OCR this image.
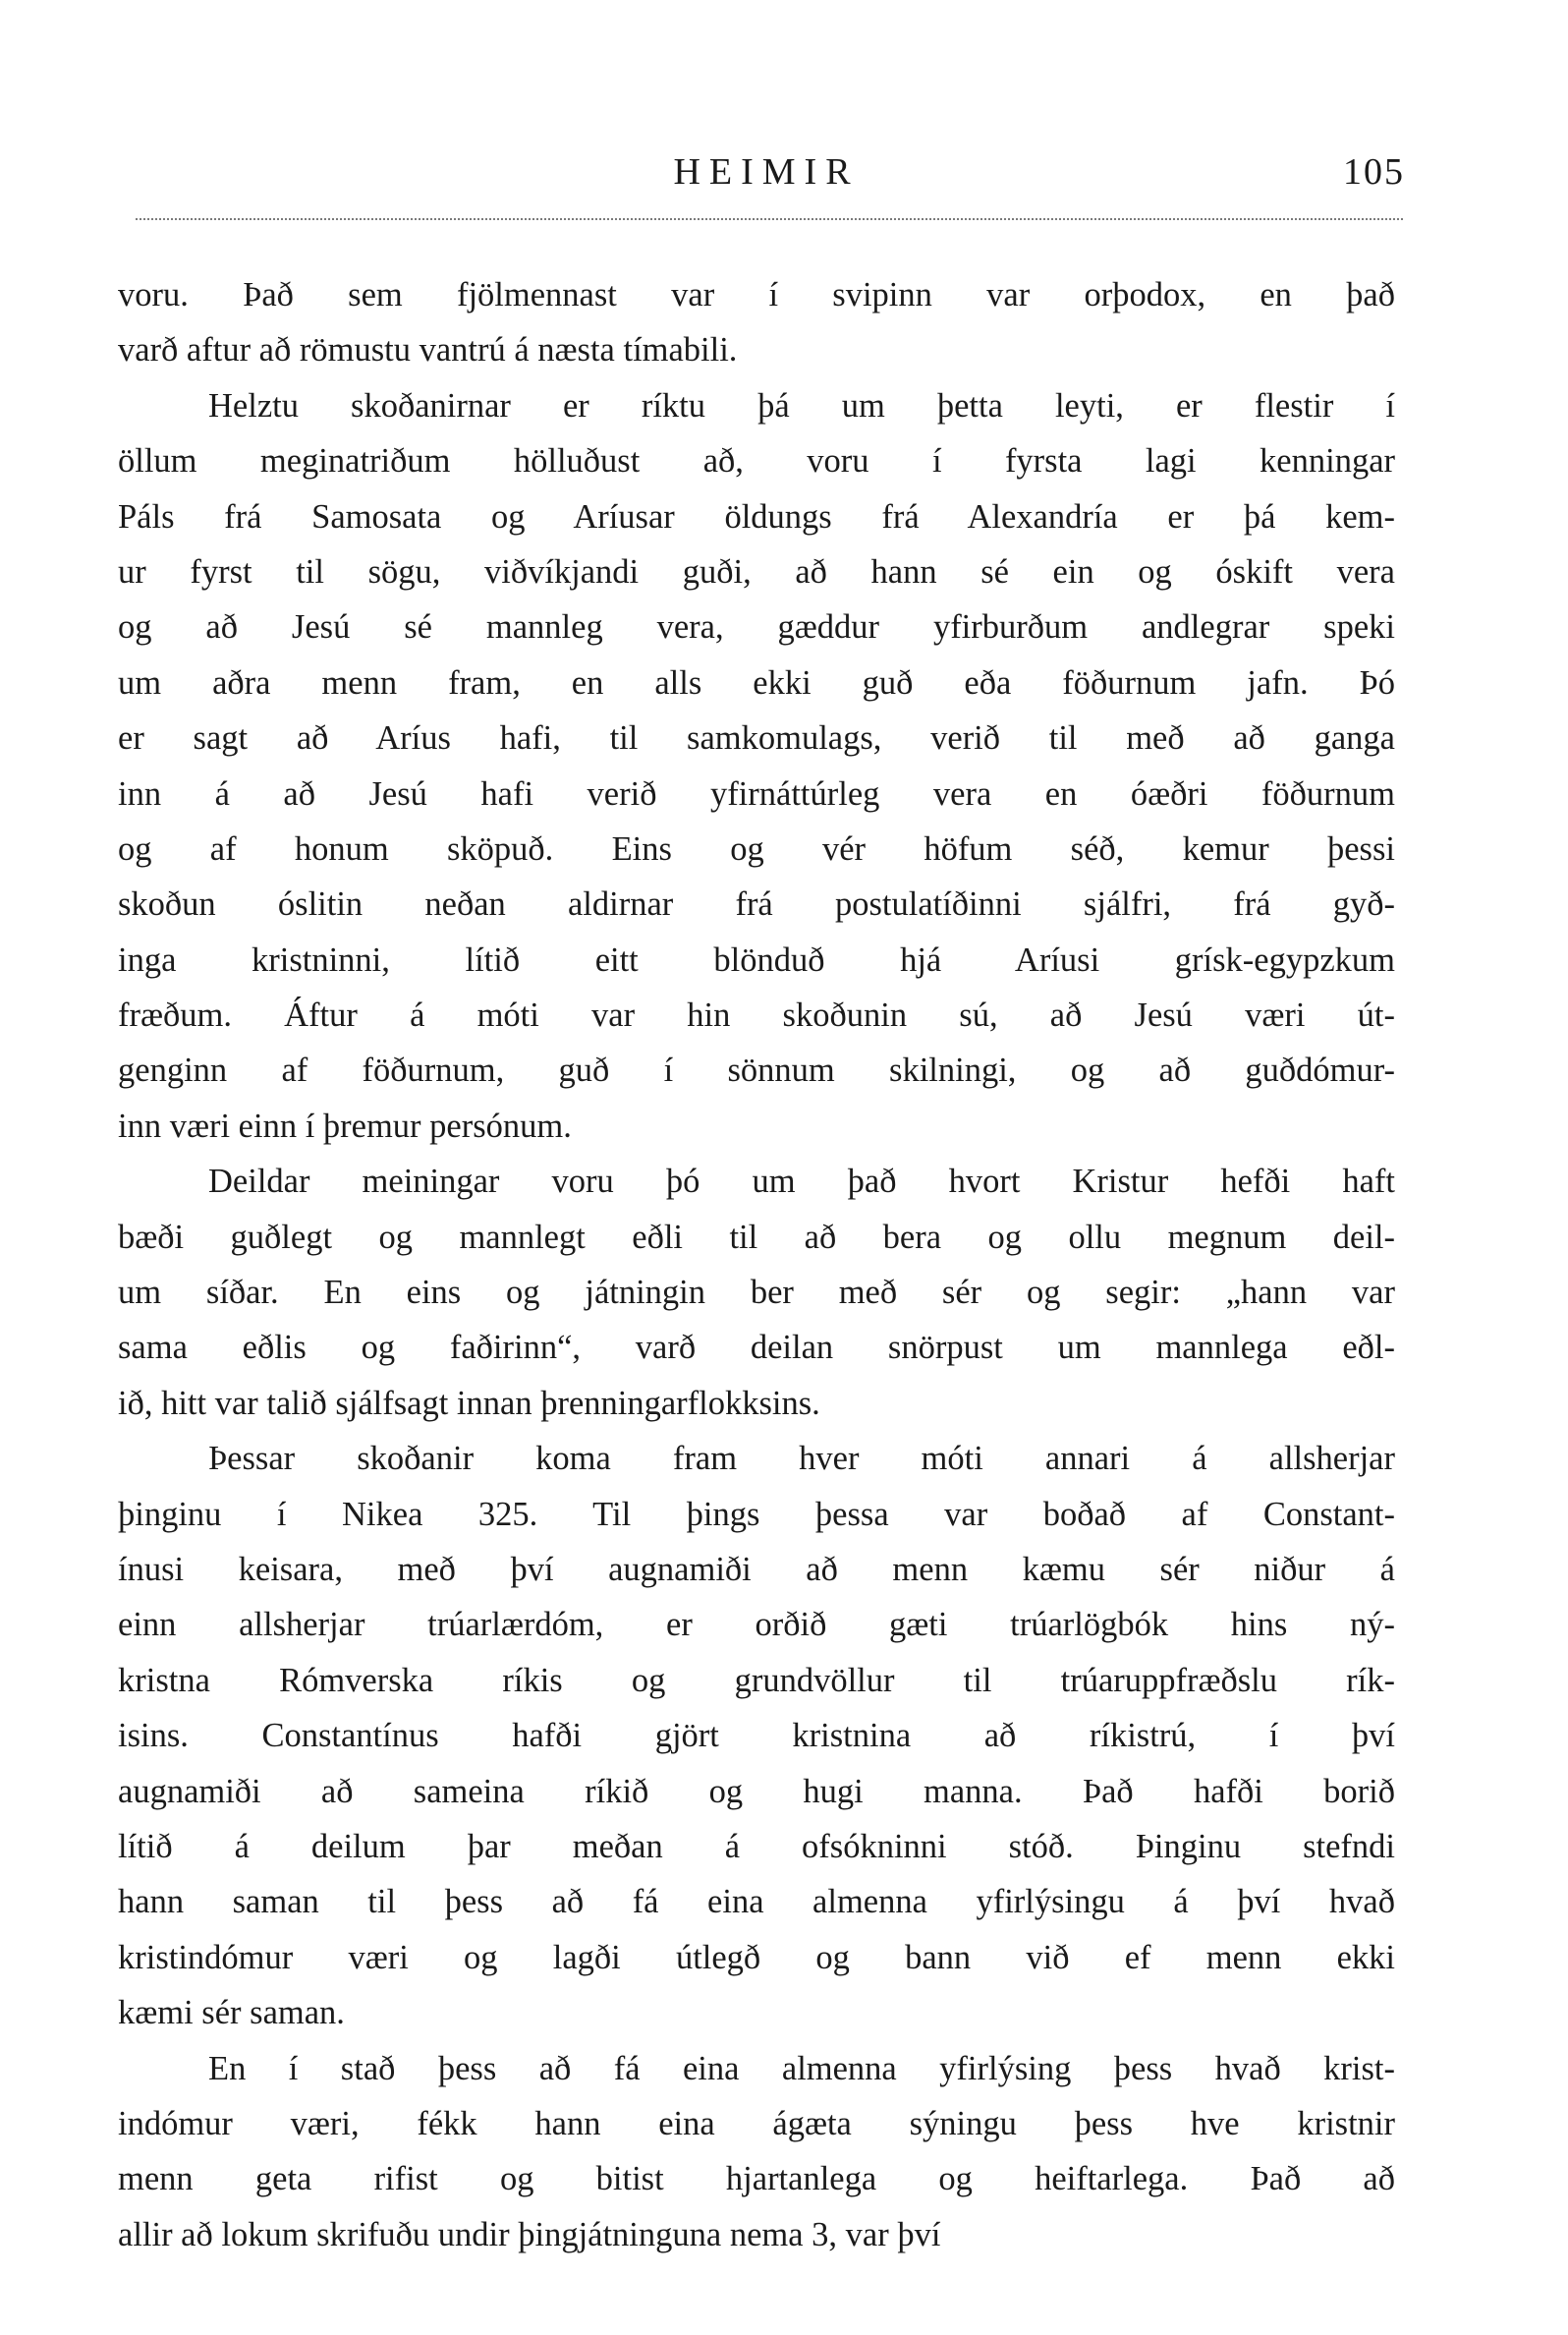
HEIMIR	105
voru. Það sem fjölmennast var í svipinn var orþodox, en það
varð aftur að römustu vantrú á næsta tímabili.
Helztu skoðanirnar er ríktu þá um þetta leyti, er flestir í
öllum meginatriðum hölluðust að, voru í fyrsta lagi kenningar
Páls frá Samosata og Aríusar öldungs frá Alexandría er þá kem-
ur fyrst til sögu, viðvíkjandi guði, að hann sé ein og óskift vera
og að Jesú sé mannleg vera, gæddur yfirburðum andlegrar speki
um aðra menn fram, en alls ekki guð eða föðurnum jafn. Þó
er sagt að Aríus hafi, til samkomulags, verið til með að ganga
inn á að Jesú hafi verið yfirnáttúrleg vera en óæðri föðurnum
og af honum sköpuð. Eins og vér höfum séð, kemur þessi
skoðun óslitin neðan aldirnar frá postulatíðinni sjálfri, frá gyð-
inga kristninni, lítið eitt blönduð hjá Aríusi grísk-egypzkum
fræðum. Áftur á móti var hin skoðunin sú, að Jesú væri út-
genginn af föðurnum, guð í sönnum skilningi, og að guðdómur-
inn væri einn í þremur persónum.
Deildar meiningar voru þó um það hvort Kristur hefði haft
bæði guðlegt og mannlegt eðli til að bera og ollu megnum deil-
um síðar. En eins og játningin ber með sér og segir: „hann var
sama eðlis og faðirinn“, varð deilan snörpust um mannlega eðl-
ið, hitt var talið sjálfsagt innan þrenningarflokksins.
Þessar skoðanir koma fram hver móti annari á allsherjar
þinginu í Nikea 325. Til þings þessa var boðað af Constant-
ínusi keisara, með því augnamiði að menn kæmu sér niður á
einn allsherjar trúarlærdóm, er orðið gæti trúarlögbók hins ný-
kristna Rómverska ríkis og grundvöllur til trúaruppfræðslu rík-
isins. Constantínus hafði gjört kristnina að ríkistrú, í því
augnamiði að sameina ríkið og hugi manna. Það hafði borið
lítið á deilum þar meðan á ofsókninni stóð. Þinginu stefndi
hann saman til þess að fá eina almenna yfirlýsingu á því hvað
kristindómur væri og lagði útlegð og bann við ef menn ekki
kæmi sér saman.
En í stað þess að fá eina almenna yfirlýsing þess hvað krist-
indómur væri, fékk hann eina ágæta sýningu þess hve kristnir
menn geta rifist og bitist hjartanlega og heiftarlega. Það að
allir að lokum skrifuðu undir þingjátninguna nema 3, var því
